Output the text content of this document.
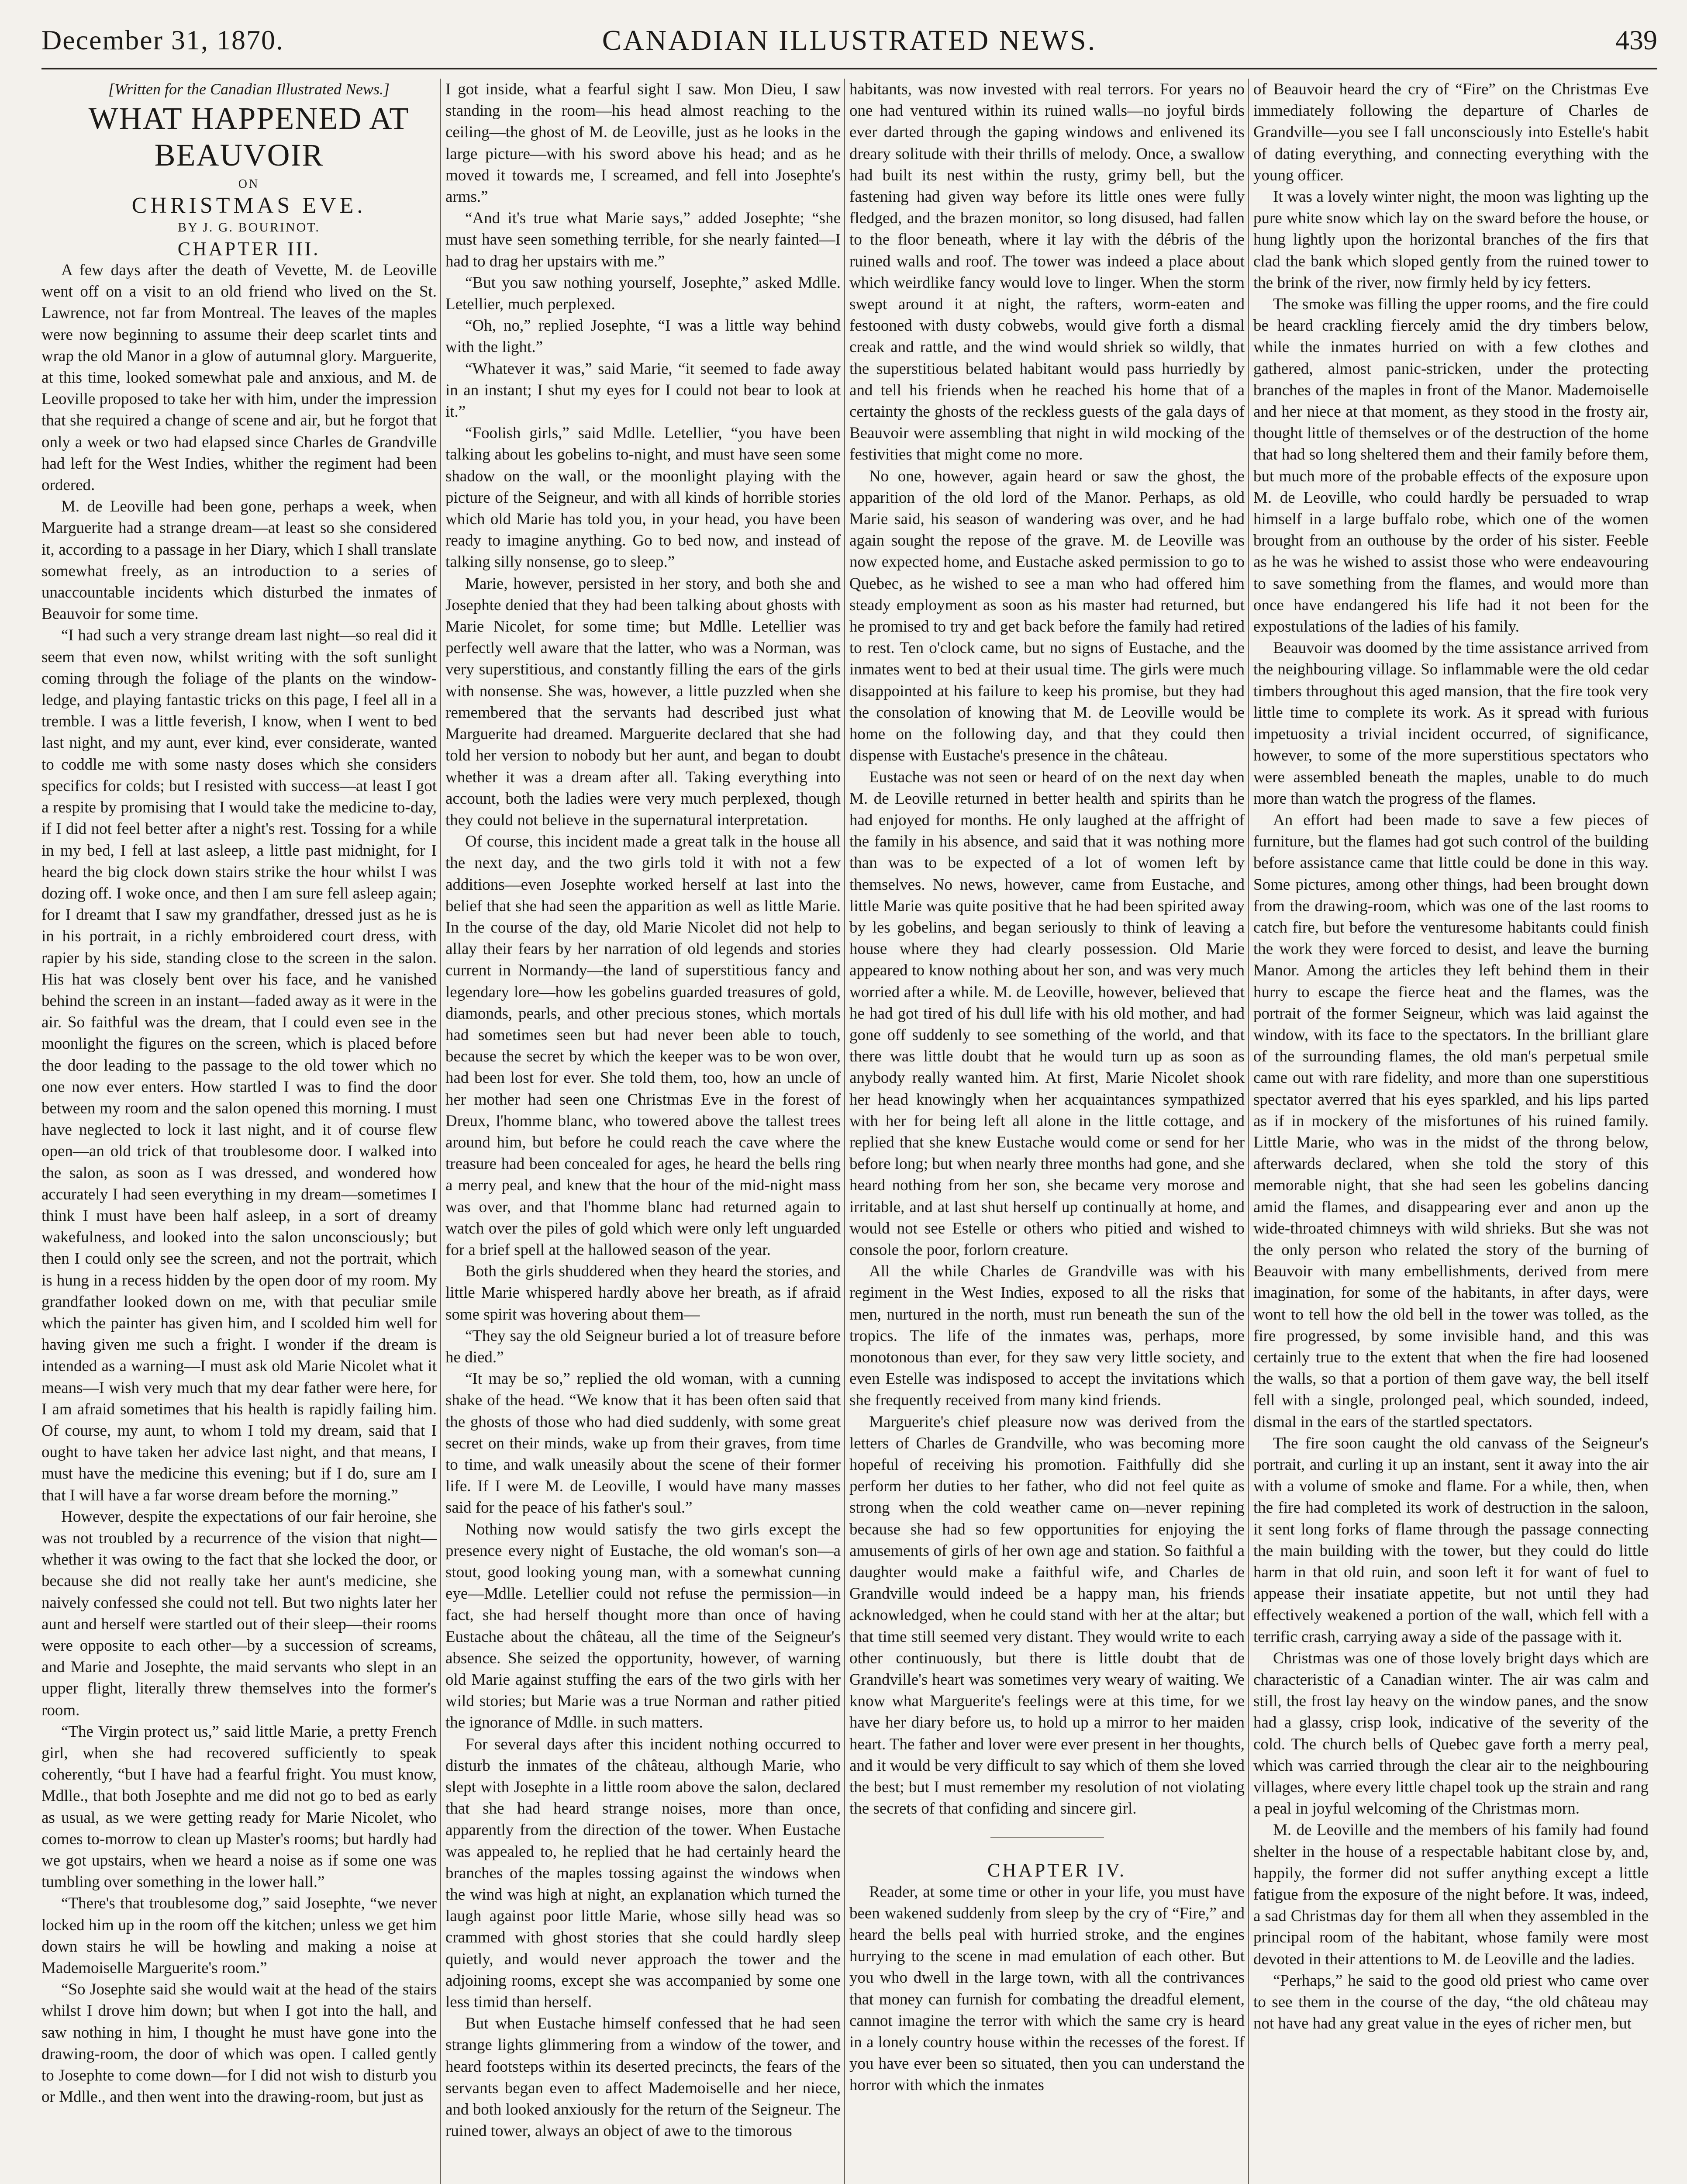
December 31, 1870.	CANADIAN ILLUSTRATED NEWS.	439

[Written for the Canadian Illustrated News.]

WHAT HAPPENED AT BEAUVOIR

ON

CHRISTMAS EVE.

BY J. G. BOURINOT.

CHAPTER III.

A few days after the death of Vevette, M. de Leoville went off on a visit to an old friend who lived on the St. Lawrence, not far from Montreal. The leaves of the maples were now beginning to assume their deep scarlet tints and wrap the old Manor in a glow of autumnal glory. Marguerite, at this time, looked somewhat pale and anxious, and M. de Leoville proposed to take her with him, under the impression that she required a change of scene and air, but he forgot that only a week or two had elapsed since Charles de Grandville had left for the West Indies, whither the regiment had been ordered.

M. de Leoville had been gone, perhaps a week, when Marguerite had a strange dream—at least so she considered it, according to a passage in her Diary, which I shall translate somewhat freely, as an introduction to a series of unaccountable incidents which disturbed the inmates of Beauvoir for some time.

“I had such a very strange dream last night—so real did it seem that even now, whilst writing with the soft sunlight coming through the foliage of the plants on the window-ledge, and playing fantastic tricks on this page, I feel all in a tremble. I was a little feverish, I know, when I went to bed last night, and my aunt, ever kind, ever considerate, wanted to coddle me with some nasty doses which she considers specifics for colds; but I resisted with success—at least I got a respite by promising that I would take the medicine to-day, if I did not feel better after a night's rest. Tossing for a while in my bed, I fell at last asleep, a little past midnight, for I heard the big clock down stairs strike the hour whilst I was dozing off. I woke once, and then I am sure fell asleep again; for I dreamt that I saw my grandfather, dressed just as he is in his portrait, in a richly embroidered court dress, with rapier by his side, standing close to the screen in the salon. His hat was closely bent over his face, and he vanished behind the screen in an instant—faded away as it were in the air. So faithful was the dream, that I could even see in the moonlight the figures on the screen, which is placed before the door leading to the passage to the old tower which no one now ever enters. How startled I was to find the door between my room and the salon opened this morning. I must have neglected to lock it last night, and it of course flew open—an old trick of that troublesome door. I walked into the salon, as soon as I was dressed, and wondered how accurately I had seen everything in my dream—sometimes I think I must have been half asleep, in a sort of dreamy wakefulness, and looked into the salon unconsciously; but then I could only see the screen, and not the portrait, which is hung in a recess hidden by the open door of my room. My grandfather looked down on me, with that peculiar smile which the painter has given him, and I scolded him well for having given me such a fright. I wonder if the dream is intended as a warning—I must ask old Marie Nicolet what it means—I wish very much that my dear father were here, for I am afraid sometimes that his health is rapidly failing him. Of course, my aunt, to whom I told my dream, said that I ought to have taken her advice last night, and that means, I must have the medicine this evening; but if I do, sure am I that I will have a far worse dream before the morning.”

However, despite the expectations of our fair heroine, she was not troubled by a recurrence of the vision that night—whether it was owing to the fact that she locked the door, or because she did not really take her aunt's medicine, she naively confessed she could not tell. But two nights later her aunt and herself were startled out of their sleep—their rooms were opposite to each other—by a succession of screams, and Marie and Josephte, the maid servants who slept in an upper flight, literally threw themselves into the former's room.

“The Virgin protect us,” said little Marie, a pretty French girl, when she had recovered sufficiently to speak coherently, “but I have had a fearful fright. You must know, Mdlle., that both Josephte and me did not go to bed as early as usual, as we were getting ready for Marie Nicolet, who comes to-morrow to clean up Master's rooms; but hardly had we got upstairs, when we heard a noise as if some one was tumbling over something in the lower hall.”

“There's that troublesome dog,” said Josephte, “we never locked him up in the room off the kitchen; unless we get him down stairs he will be howling and making a noise at Mademoiselle Marguerite's room.”

“So Josephte said she would wait at the head of the stairs whilst I drove him down; but when I got into the hall, and saw nothing in him, I thought he must have gone into the drawing-room, the door of which was open. I called gently to Josephte to come down—for I did not wish to disturb you or Mdlle., and then went into the drawing-room, but just as

I got inside, what a fearful sight I saw. Mon Dieu, I saw standing in the room—his head almost reaching to the ceiling—the ghost of M. de Leoville, just as he looks in the large picture—with his sword above his head; and as he moved it towards me, I screamed, and fell into Josephte's arms.”

“And it's true what Marie says,” added Josephte; “she must have seen something terrible, for she nearly fainted—I had to drag her upstairs with me.”

“But you saw nothing yourself, Josephte,” asked Mdlle. Letellier, much perplexed.

“Oh, no,” replied Josephte, “I was a little way behind with the light.”

“Whatever it was,” said Marie, “it seemed to fade away in an instant; I shut my eyes for I could not bear to look at it.”

“Foolish girls,” said Mdlle. Letellier, “you have been talking about les gobelins to-night, and must have seen some shadow on the wall, or the moonlight playing with the picture of the Seigneur, and with all kinds of horrible stories which old Marie has told you, in your head, you have been ready to imagine anything. Go to bed now, and instead of talking silly nonsense, go to sleep.”

Marie, however, persisted in her story, and both she and Josephte denied that they had been talking about ghosts with Marie Nicolet, for some time; but Mdlle. Letellier was perfectly well aware that the latter, who was a Norman, was very superstitious, and constantly filling the ears of the girls with nonsense. She was, however, a little puzzled when she remembered that the servants had described just what Marguerite had dreamed. Marguerite declared that she had told her version to nobody but her aunt, and began to doubt whether it was a dream after all. Taking everything into account, both the ladies were very much perplexed, though they could not believe in the supernatural interpretation.

Of course, this incident made a great talk in the house all the next day, and the two girls told it with not a few additions—even Josephte worked herself at last into the belief that she had seen the apparition as well as little Marie. In the course of the day, old Marie Nicolet did not help to allay their fears by her narration of old legends and stories current in Normandy—the land of superstitious fancy and legendary lore—how les gobelins guarded treasures of gold, diamonds, pearls, and other precious stones, which mortals had sometimes seen but had never been able to touch, because the secret by which the keeper was to be won over, had been lost for ever. She told them, too, how an uncle of her mother had seen one Christmas Eve in the forest of Dreux, l'homme blanc, who towered above the tallest trees around him, but before he could reach the cave where the treasure had been concealed for ages, he heard the bells ring a merry peal, and knew that the hour of the mid-night mass was over, and that l'homme blanc had returned again to watch over the piles of gold which were only left unguarded for a brief spell at the hallowed season of the year.

Both the girls shuddered when they heard the stories, and little Marie whispered hardly above her breath, as if afraid some spirit was hovering about them—

“They say the old Seigneur buried a lot of treasure before he died.”

“It may be so,” replied the old woman, with a cunning shake of the head. “We know that it has been often said that the ghosts of those who had died suddenly, with some great secret on their minds, wake up from their graves, from time to time, and walk uneasily about the scene of their former life. If I were M. de Leoville, I would have many masses said for the peace of his father's soul.”

Nothing now would satisfy the two girls except the presence every night of Eustache, the old woman's son—a stout, good looking young man, with a somewhat cunning eye—Mdlle. Letellier could not refuse the permission—in fact, she had herself thought more than once of having Eustache about the château, all the time of the Seigneur's absence. She seized the opportunity, however, of warning old Marie against stuffing the ears of the two girls with her wild stories; but Marie was a true Norman and rather pitied the ignorance of Mdlle. in such matters.

For several days after this incident nothing occurred to disturb the inmates of the château, although Marie, who slept with Josephte in a little room above the salon, declared that she had heard strange noises, more than once, apparently from the direction of the tower. When Eustache was appealed to, he replied that he had certainly heard the branches of the maples tossing against the windows when the wind was high at night, an explanation which turned the laugh against poor little Marie, whose silly head was so crammed with ghost stories that she could hardly sleep quietly, and would never approach the tower and the adjoining rooms, except she was accompanied by some one less timid than herself.

But when Eustache himself confessed that he had seen strange lights glimmering from a window of the tower, and heard footsteps within its deserted precincts, the fears of the servants began even to affect Mademoiselle and her niece, and both looked anxiously for the return of the Seigneur. The ruined tower, always an object of awe to the timorous

habitants, was now invested with real terrors. For years no one had ventured within its ruined walls—no joyful birds ever darted through the gaping windows and enlivened its dreary solitude with their thrills of melody. Once, a swallow had built its nest within the rusty, grimy bell, but the fastening had given way before its little ones were fully fledged, and the brazen monitor, so long disused, had fallen to the floor beneath, where it lay with the débris of the ruined walls and roof. The tower was indeed a place about which weirdlike fancy would love to linger. When the storm swept around it at night, the rafters, worm-eaten and festooned with dusty cobwebs, would give forth a dismal creak and rattle, and the wind would shriek so wildly, that the superstitious belated habitant would pass hurriedly by and tell his friends when he reached his home that of a certainty the ghosts of the reckless guests of the gala days of Beauvoir were assembling that night in wild mocking of the festivities that might come no more.

No one, however, again heard or saw the ghost, the apparition of the old lord of the Manor. Perhaps, as old Marie said, his season of wandering was over, and he had again sought the repose of the grave. M. de Leoville was now expected home, and Eustache asked permission to go to Quebec, as he wished to see a man who had offered him steady employment as soon as his master had returned, but he promised to try and get back before the family had retired to rest. Ten o'clock came, but no signs of Eustache, and the inmates went to bed at their usual time. The girls were much disappointed at his failure to keep his promise, but they had the consolation of knowing that M. de Leoville would be home on the following day, and that they could then dispense with Eustache's presence in the château.

Eustache was not seen or heard of on the next day when M. de Leoville returned in better health and spirits than he had enjoyed for months. He only laughed at the affright of the family in his absence, and said that it was nothing more than was to be expected of a lot of women left by themselves. No news, however, came from Eustache, and little Marie was quite positive that he had been spirited away by les gobelins, and began seriously to think of leaving a house where they had clearly possession. Old Marie appeared to know nothing about her son, and was very much worried after a while. M. de Leoville, however, believed that he had got tired of his dull life with his old mother, and had gone off suddenly to see something of the world, and that there was little doubt that he would turn up as soon as anybody really wanted him. At first, Marie Nicolet shook her head knowingly when her acquaintances sympathized with her for being left all alone in the little cottage, and replied that she knew Eustache would come or send for her before long; but when nearly three months had gone, and she heard nothing from her son, she became very morose and irritable, and at last shut herself up continually at home, and would not see Estelle or others who pitied and wished to console the poor, forlorn creature.

All the while Charles de Grandville was with his regiment in the West Indies, exposed to all the risks that men, nurtured in the north, must run beneath the sun of the tropics. The life of the inmates was, perhaps, more monotonous than ever, for they saw very little society, and even Estelle was indisposed to accept the invitations which she frequently received from many kind friends.

Marguerite's chief pleasure now was derived from the letters of Charles de Grandville, who was becoming more hopeful of receiving his promotion. Faithfully did she perform her duties to her father, who did not feel quite as strong when the cold weather came on—never repining because she had so few opportunities for enjoying the amusements of girls of her own age and station. So faithful a daughter would make a faithful wife, and Charles de Grandville would indeed be a happy man, his friends acknowledged, when he could stand with her at the altar; but that time still seemed very distant. They would write to each other continuously, but there is little doubt that de Grandville's heart was sometimes very weary of waiting. We know what Marguerite's feelings were at this time, for we have her diary before us, to hold up a mirror to her maiden heart. The father and lover were ever present in her thoughts, and it would be very difficult to say which of them she loved the best; but I must remember my resolution of not violating the secrets of that confiding and sincere girl.

CHAPTER IV.

Reader, at some time or other in your life, you must have been wakened suddenly from sleep by the cry of “Fire,” and heard the bells peal with hurried stroke, and the engines hurrying to the scene in mad emulation of each other. But you who dwell in the large town, with all the contrivances that money can furnish for combating the dreadful element, cannot imagine the terror with which the same cry is heard in a lonely country house within the recesses of the forest. If you have ever been so situated, then you can understand the horror with which the inmates

of Beauvoir heard the cry of “Fire” on the Christmas Eve immediately following the departure of Charles de Grandville—you see I fall unconsciously into Estelle's habit of dating everything, and connecting everything with the young officer.

It was a lovely winter night, the moon was lighting up the pure white snow which lay on the sward before the house, or hung lightly upon the horizontal branches of the firs that clad the bank which sloped gently from the ruined tower to the brink of the river, now firmly held by icy fetters.

The smoke was filling the upper rooms, and the fire could be heard crackling fiercely amid the dry timbers below, while the inmates hurried on with a few clothes and gathered, almost panic-stricken, under the protecting branches of the maples in front of the Manor. Mademoiselle and her niece at that moment, as they stood in the frosty air, thought little of themselves or of the destruction of the home that had so long sheltered them and their family before them, but much more of the probable effects of the exposure upon M. de Leoville, who could hardly be persuaded to wrap himself in a large buffalo robe, which one of the women brought from an outhouse by the order of his sister. Feeble as he was he wished to assist those who were endeavouring to save something from the flames, and would more than once have endangered his life had it not been for the expostulations of the ladies of his family.

Beauvoir was doomed by the time assistance arrived from the neighbouring village. So inflammable were the old cedar timbers throughout this aged mansion, that the fire took very little time to complete its work. As it spread with furious impetuosity a trivial incident occurred, of significance, however, to some of the more superstitious spectators who were assembled beneath the maples, unable to do much more than watch the progress of the flames.

An effort had been made to save a few pieces of furniture, but the flames had got such control of the building before assistance came that little could be done in this way. Some pictures, among other things, had been brought down from the drawing-room, which was one of the last rooms to catch fire, but before the venturesome habitants could finish the work they were forced to desist, and leave the burning Manor. Among the articles they left behind them in their hurry to escape the fierce heat and the flames, was the portrait of the former Seigneur, which was laid against the window, with its face to the spectators. In the brilliant glare of the surrounding flames, the old man's perpetual smile came out with rare fidelity, and more than one superstitious spectator averred that his eyes sparkled, and his lips parted as if in mockery of the misfortunes of his ruined family. Little Marie, who was in the midst of the throng below, afterwards declared, when she told the story of this memorable night, that she had seen les gobelins dancing amid the flames, and disappearing ever and anon up the wide-throated chimneys with wild shrieks. But she was not the only person who related the story of the burning of Beauvoir with many embellishments, derived from mere imagination, for some of the habitants, in after days, were wont to tell how the old bell in the tower was tolled, as the fire progressed, by some invisible hand, and this was certainly true to the extent that when the fire had loosened the walls, so that a portion of them gave way, the bell itself fell with a single, prolonged peal, which sounded, indeed, dismal in the ears of the startled spectators.

The fire soon caught the old canvass of the Seigneur's portrait, and curling it up an instant, sent it away into the air with a volume of smoke and flame. For a while, then, when the fire had completed its work of destruction in the saloon, it sent long forks of flame through the passage connecting the main building with the tower, but they could do little harm in that old ruin, and soon left it for want of fuel to appease their insatiate appetite, but not until they had effectively weakened a portion of the wall, which fell with a terrific crash, carrying away a side of the passage with it.

Christmas was one of those lovely bright days which are characteristic of a Canadian winter. The air was calm and still, the frost lay heavy on the window panes, and the snow had a glassy, crisp look, indicative of the severity of the cold. The church bells of Quebec gave forth a merry peal, which was carried through the clear air to the neighbouring villages, where every little chapel took up the strain and rang a peal in joyful welcoming of the Christmas morn.

M. de Leoville and the members of his family had found shelter in the house of a respectable habitant close by, and, happily, the former did not suffer anything except a little fatigue from the exposure of the night before. It was, indeed, a sad Christmas day for them all when they assembled in the principal room of the habitant, whose family were most devoted in their attentions to M. de Leoville and the ladies.

“Perhaps,” he said to the good old priest who came over to see them in the course of the day, “the old château may not have had any great value in the eyes of richer men, but
